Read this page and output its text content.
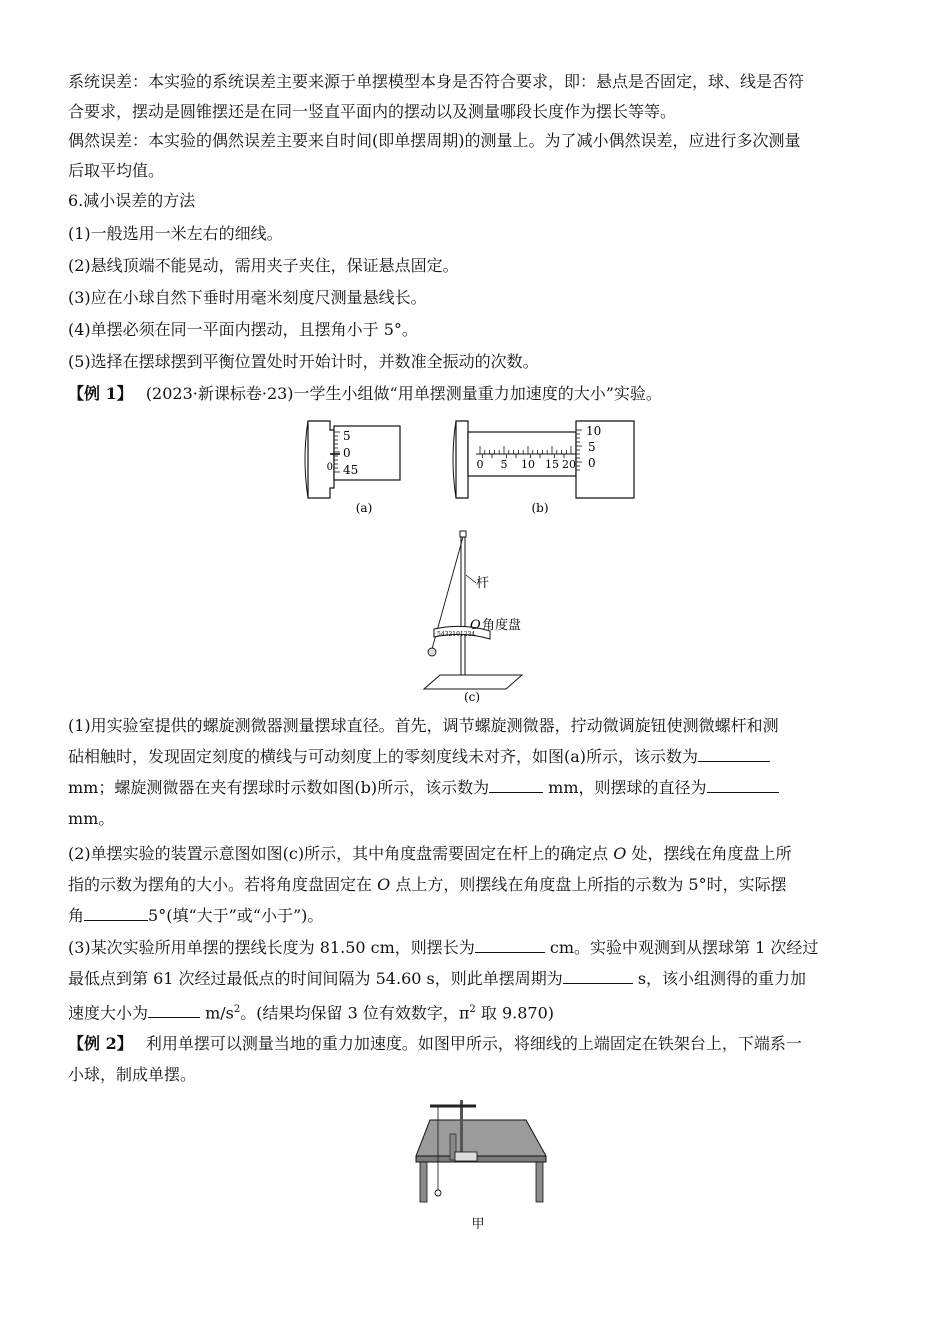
系统误差：本实验的系统误差主要来源于单摆模型本身是否符合要求，即：悬点是否固定，球、线是否符
合要求，摆动是圆锥摆还是在同一竖直平面内的摆动以及测量哪段长度作为摆长等等。
偶然误差：本实验的偶然误差主要来自时间(即单摆周期)的测量上。为了减小偶然误差，应进行多次测量
后取平均值。
6.减小误差的方法
(1)一般选用一米左右的细线。
(2)悬线顶端不能晃动，需用夹子夹住，保证悬点固定。
(3)应在小球自然下垂时用毫米刻度尺测量悬线长。
(4)单摆必须在同一平面内摆动，且摆角小于 5°。
(5)选择在摆球摆到平衡位置处时开始计时，并数准全振动的次数。
【例 1】 (2023·新课标卷·23)一学生小组做“用单摆测量重力加速度的大小”实验。
5
0
45
0
(a)
0 5 10 15 20
10
5
0
(b)
5432101234
杆
O 角度盘
(c)
(1)用实验室提供的螺旋测微器测量摆球直径。首先，调节螺旋测微器，拧动微调旋钮使测微螺杆和测
砧相触时，发现固定刻度的横线与可动刻度上的零刻度线未对齐，如图(a)所示，该示数为
mm；螺旋测微器在夹有摆球时示数如图(b)所示，该示数为	mm，则摆球的直径为
mm。
(2)单摆实验的装置示意图如图(c)所示，其中角度盘需要固定在杆上的确定点 O 处，摆线在角度盘上所
指的示数为摆角的大小。若将角度盘固定在 O 点上方，则摆线在角度盘上所指的示数为 5°时，实际摆
角	5°(填“大于”或“小于”)。
(3)某次实验所用单摆的摆线长度为 81.50 cm，则摆长为	cm。实验中观测到从摆球第 1 次经过
最低点到第 61 次经过最低点的时间间隔为 54.60 s，则此单摆周期为	s，该小组测得的重力加
速度大小为	$m/s^2$。(结果均保留 3 位有效数字，$\pi^2$ 取 9.870)
【例 2】 利用单摆可以测量当地的重力加速度。如图甲所示，将细线的上端固定在铁架台上，下端系一
小球，制成单摆。
甲
